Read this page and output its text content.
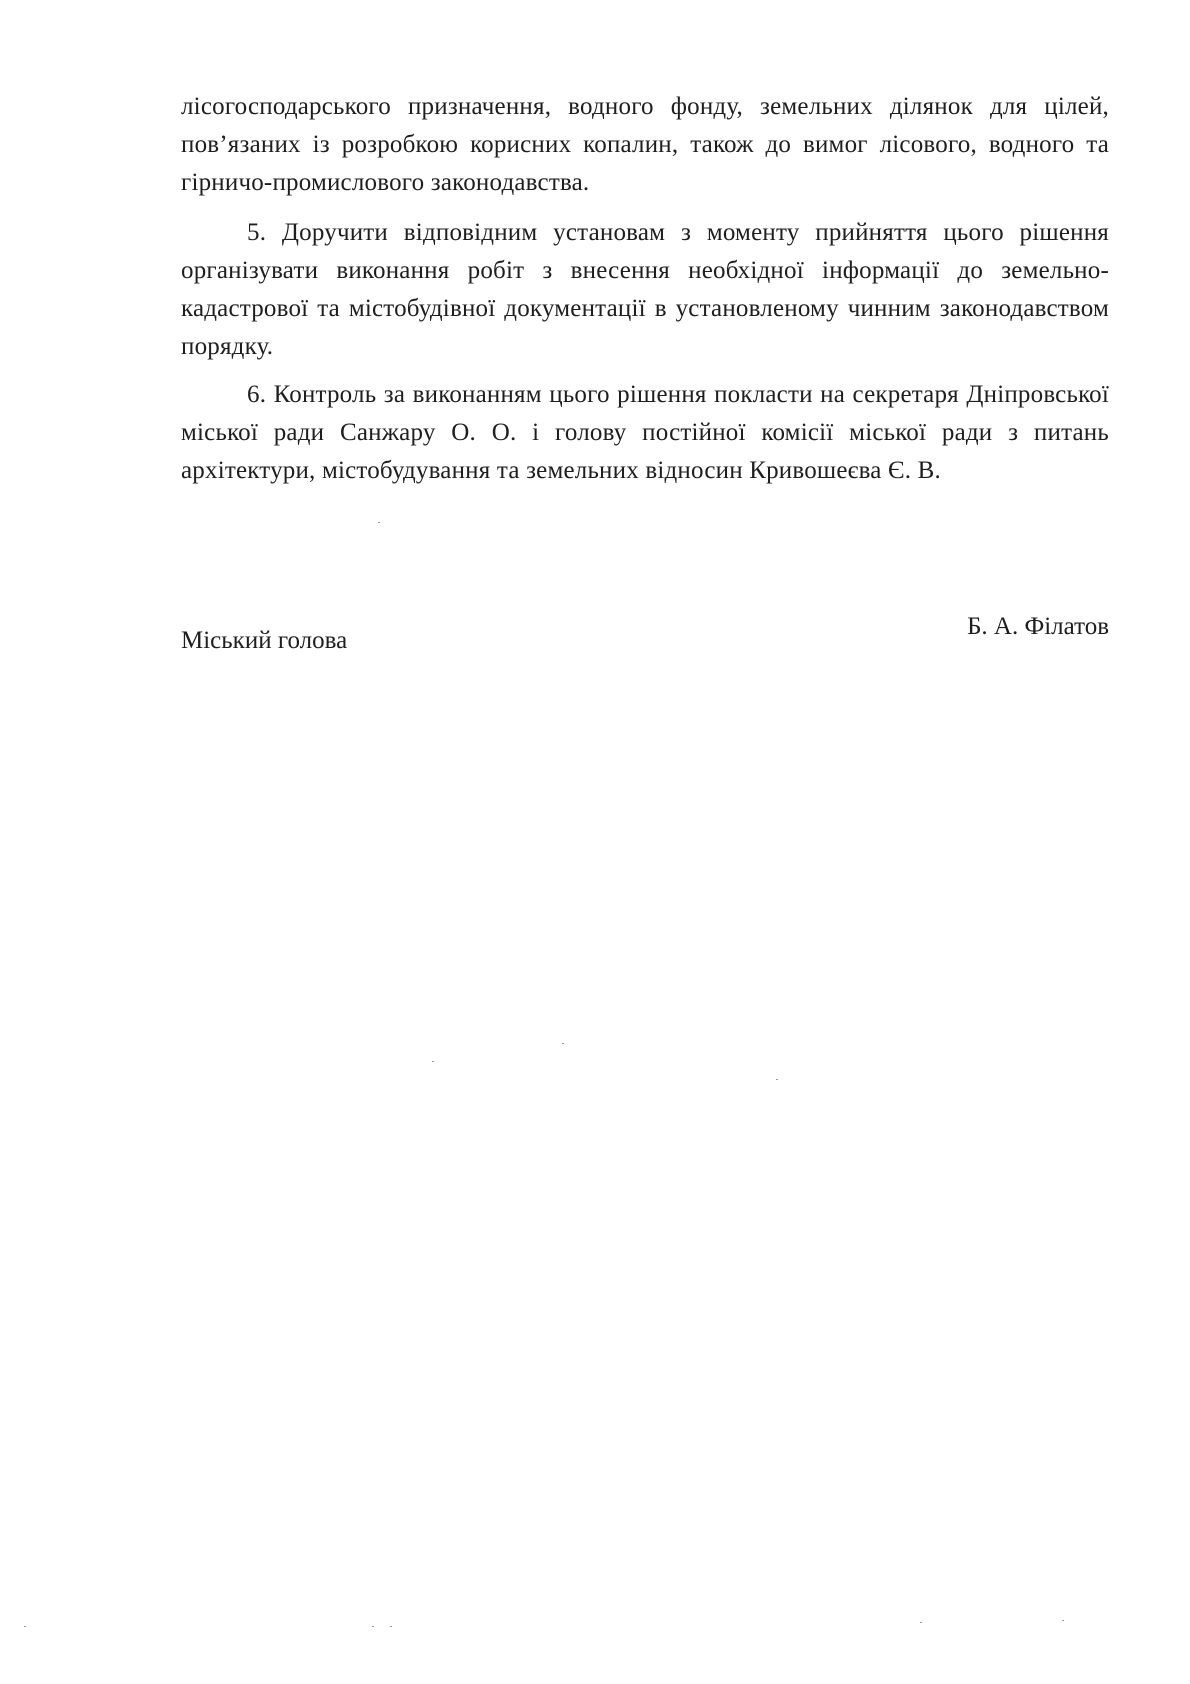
лісогосподарського призначення, водного фонду, земельних ділянок для цілей, пов’язаних із розробкою корисних копалин, також до вимог лісового, водного та гірничо-промислового законодавства.

5. Доручити відповідним установам з моменту прийняття цього рішення організувати виконання робіт з внесення необхідної інформації до земельно-кадастрової та містобудівної документації в установленому чинним законодавством порядку.

6. Контроль за виконанням цього рішення покласти на секретаря Дніпровської міської ради Санжару О. О. і голову постійної комісії міської ради з питань архітектури, містобудування та земельних відносин Кривошеєва Є. В.

Міський голова
Б. А. Філатов
